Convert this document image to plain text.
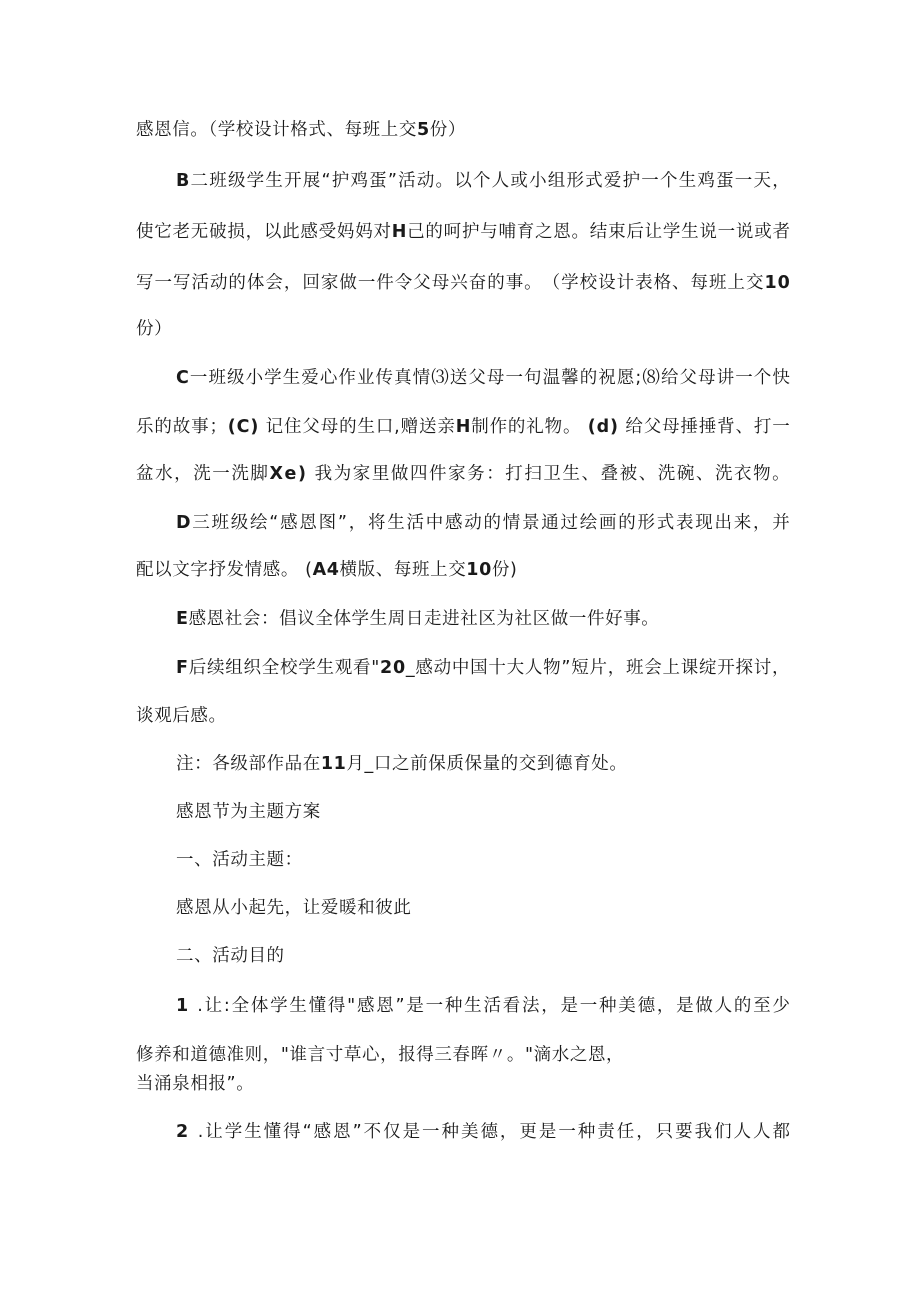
感恩信。（学校设计格式、每班上交5份）
B 二 班 级 学 生 开 展 “ 护 鸡 蛋 ” 活 动 。 以 个 人 或 小 组 形 式 爱 护 一 个 生 鸡 蛋 一 天 ，
使 它 老 无 破 损 ， 以 此 感 受 妈 妈 对 H 己 的 呵 护 与 哺 育 之 恩 。 结 束 后 让 学 生 说 一 说 或 者
写 一 写 活 动 的 体 会 ， 回 家 做 一 件 令 父 母 兴 奋 的 事 。 （ 学 校 设 计 表 格 、 每 班 上 交 1 0
份）
C 一 班 级 小 学 生 爱 心 作 业 传 真 情 ⑶ 送 父 母 一 句 温 馨 的 祝 愿 ; ⑻ 给 父 母 讲 一 个 快
乐 的 故 事 ； ( C )
记 住 父 母 的 生 口 , 赠 送 亲 H 制 作 的 礼 物 。
( d )
给 父 母 捶 捶 背 、 打 一
盆 水 ， 洗 一 洗 脚 X e )
我 为 家 里 做 四 件 家 务 ： 打 扫 卫 生 、 叠 被 、 洗 碗 、 洗 衣 物 。
D 三 班 级 绘 “ 感 恩 图 ” ， 将 生 活 中 感 动 的 情 景 通 过 绘 画 的 形 式 表 现 出 来 ， 并
配以文字抒发情感。 (A4横版、每班上交10份)
E感恩社会：倡议全体学生周日走进社区为社区做一件好事。
F 后 续 组 织 全 校 学 生 观 看 " 2 0 _ 感 动 中 国 十 大 人 物 ” 短 片 ， 班 会 上 课 绽 开 探 讨 ，
谈观后感。
注：各级部作品在11月_口之前保质保量的交到德育处。
感恩节为主题方案
一、活动主题：
感恩从小起先，让爱暖和彼此
二、活动目的
1
. 让 : 全 体 学 生 懂 得 " 感 恩 ” 是 一 种 生 活 看 法 ， 是 一 种 美 德 ， 是 做 人 的 至 少
修养和道德准则，"谁言寸草心，报得三春晖〃。"滴水之恩，
当涌泉相报”。
2
. 让 学 生 懂 得 “ 感 恩 ” 不 仅 是 一 种 美 德 ， 更 是 一 种 责 任 ， 只 要 我 们 人 人 都
